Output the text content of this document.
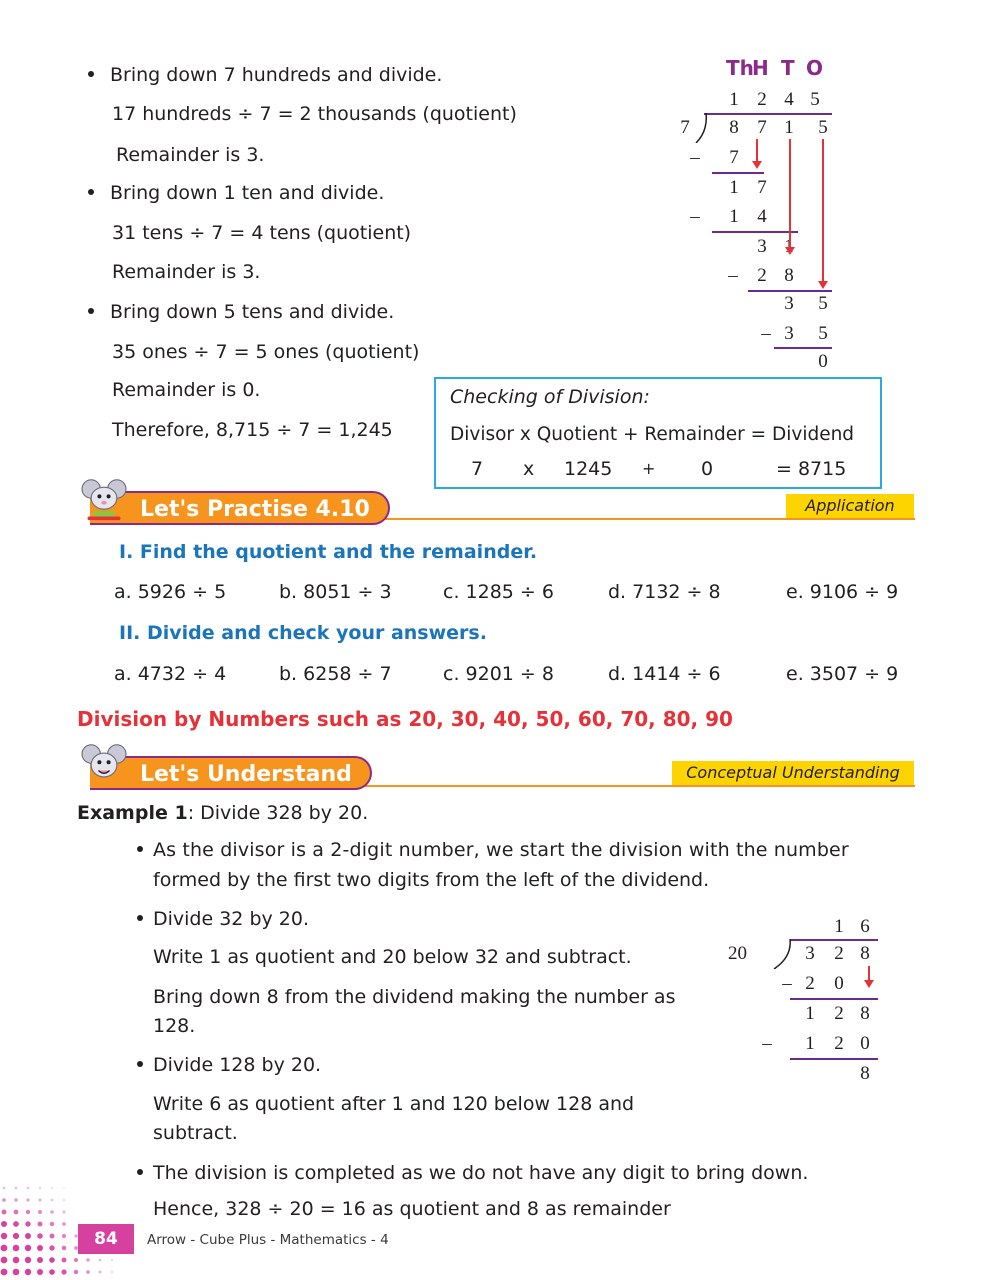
Bring down 7 hundreds and divide.
17 hundreds ÷ 7 = 2 thousands (quotient)
Remainder is 3.
Bring down 1 ten and divide.
31 tens ÷ 7 = 4 tens (quotient)
Remainder is 3.
Bring down 5 tens and divide.
35 ones ÷ 7 = 5 ones (quotient)
Remainder is 0.
Therefore, 8,715 ÷ 7 = 1,245
Th
H T O
1 2 4 5
7 8 7 1 5
– 7
1 7
– 1 4
3
– 2 8
3 5
– 3 5
0
Checking of Division:
Divisor x Quotient + Remainder = Dividend
7 x 1245 + 0	= 8715
Let's Practise 4.10	Application
I. Find the quotient and the remainder.
a. 5926 ÷ 5	b. 8051 ÷ 3	c. 1285 ÷ 6	d. 7132 ÷ 8	e. 9106 ÷ 9
II. Divide and check your answers.
a. 4732 ÷ 4	b. 6258 ÷ 7	c. 9201 ÷ 8	d. 1414 ÷ 6	e. 3507 ÷ 9
Division by Numbers such as 20, 30, 40, 50, 60, 70, 80, 90
Let's Understand	Conceptual Understanding
Example 1: Divide 328 by 20.
As the divisor is a 2-digit number, we start the division with the number
formed by the first two digits from the left of the dividend.
Divide 32 by 20.
Write 1 as quotient and 20 below 32 and subtract.
Bring down 8 from the dividend making the number as
128.
Divide 128 by 20.
Write 6 as quotient after 1 and 120 below 128 and
subtract.
The division is completed as we do not have any digit to bring down.
Hence, 328 ÷ 20 = 16 as quotient and 8 as remainder
1 6
20	3 2 8
– 2 0
1 2 8
– 1 2 0
8
84	Arrow - Cube Plus - Mathematics - 4
